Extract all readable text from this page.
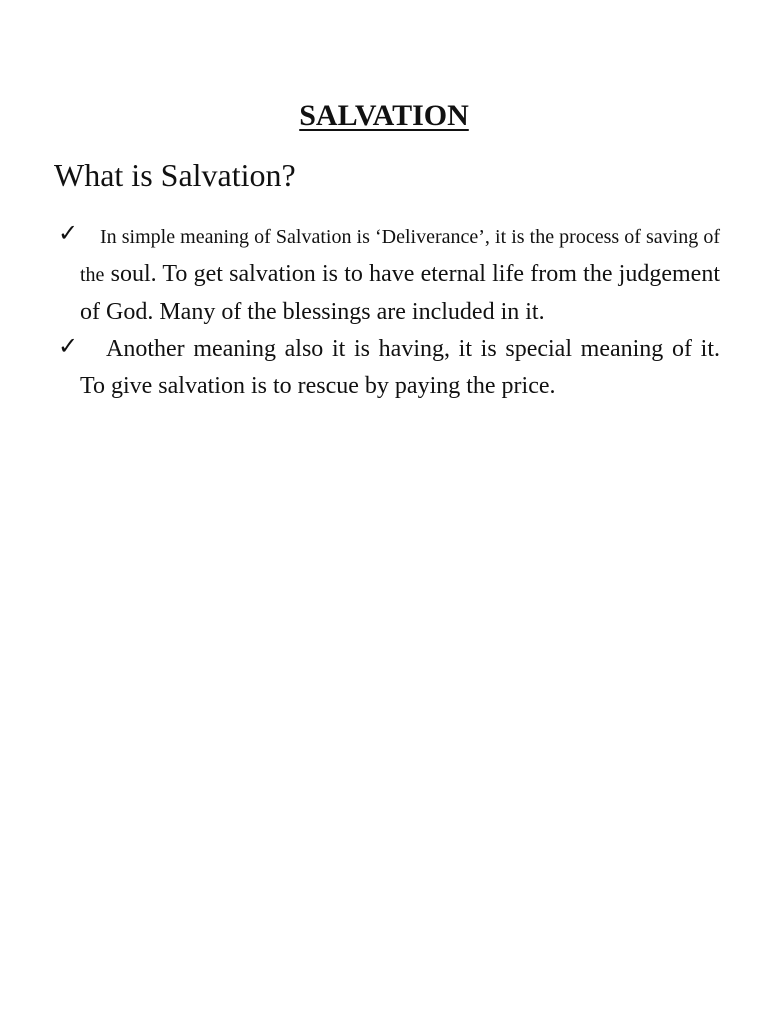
SALVATION
What is Salvation?
✓ In simple meaning of Salvation is ‘Deliverance’, it is the process of saving of the soul. To get salvation is to have eternal life from the judgement of God. Many of the blessings are included in it.
✓ Another meaning also it is having, it is special meaning of it. To give salvation is to rescue by paying the price.
